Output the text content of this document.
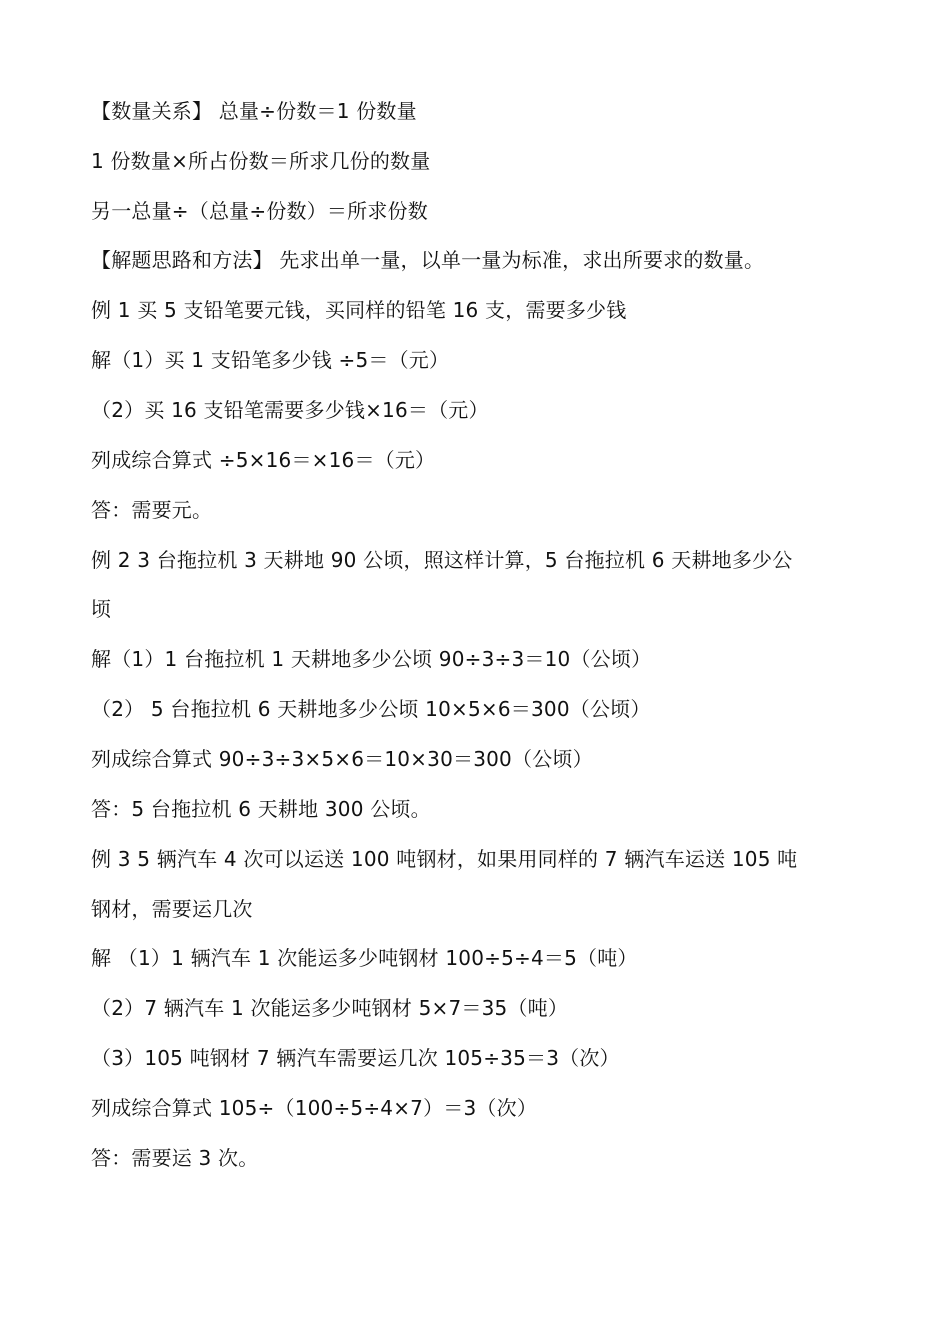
【数量关系】 总量÷份数＝1 份数量
1 份数量×所占份数＝所求几份的数量
另一总量÷（总量÷份数）＝所求份数
【解题思路和方法】 先求出单一量，以单一量为标准，求出所要求的数量。
例 1 买 5 支铅笔要元钱，买同样的铅笔 16 支，需要多少钱
解（1）买 1 支铅笔多少钱 ÷5＝（元）
（2）买 16 支铅笔需要多少钱×16＝（元）
列成综合算式 ÷5×16＝×16＝（元）
答：需要元。
例 2 3 台拖拉机 3 天耕地 90 公顷，照这样计算，5 台拖拉机 6 天耕地多少公
顷
解（1）1 台拖拉机 1 天耕地多少公顷 90÷3÷3＝10（公顷）
（2） 5 台拖拉机 6 天耕地多少公顷 10×5×6＝300（公顷）
列成综合算式 90÷3÷3×5×6＝10×30＝300（公顷）
答：5 台拖拉机 6 天耕地 300 公顷。
例 3 5 辆汽车 4 次可以运送 100 吨钢材，如果用同样的 7 辆汽车运送 105 吨
钢材，需要运几次
解 （1）1 辆汽车 1 次能运多少吨钢材 100÷5÷4＝5（吨）
（2）7 辆汽车 1 次能运多少吨钢材 5×7＝35（吨）
（3）105 吨钢材 7 辆汽车需要运几次 105÷35＝3（次）
列成综合算式 105÷（100÷5÷4×7）＝3（次）
答：需要运 3 次。
